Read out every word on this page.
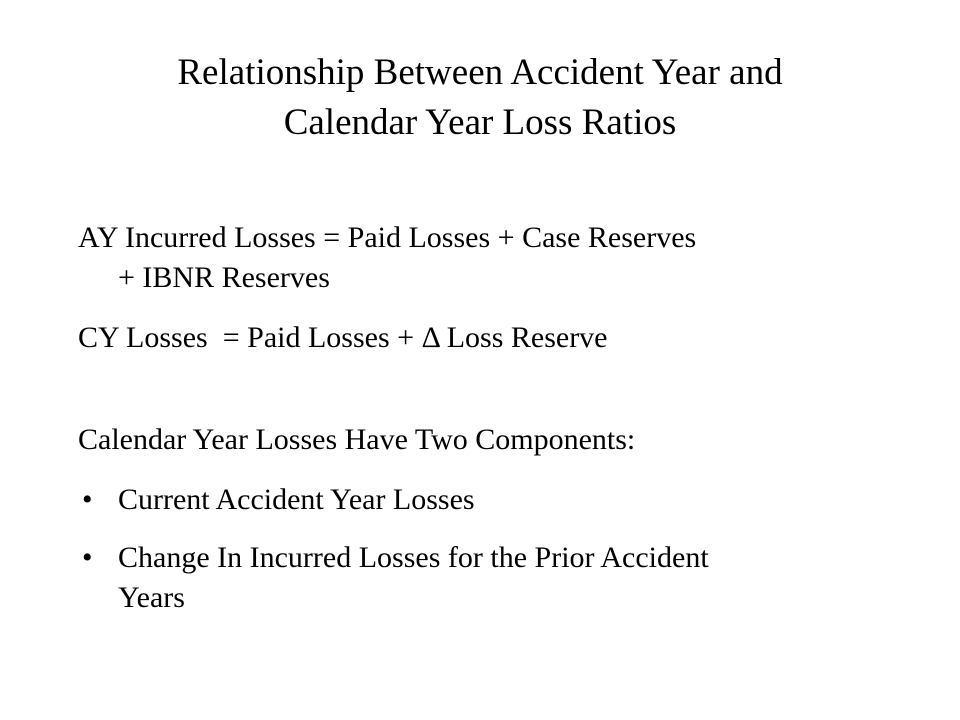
Relationship Between Accident Year and
Calendar Year Loss Ratios
AY Incurred Losses = Paid Losses + Case Reserves
+ IBNR Reserves
CY Losses  = Paid Losses + Δ Loss Reserve
Calendar Year Losses Have Two Components:
• Current Accident Year Losses
• Change In Incurred Losses for the Prior Accident
Years
